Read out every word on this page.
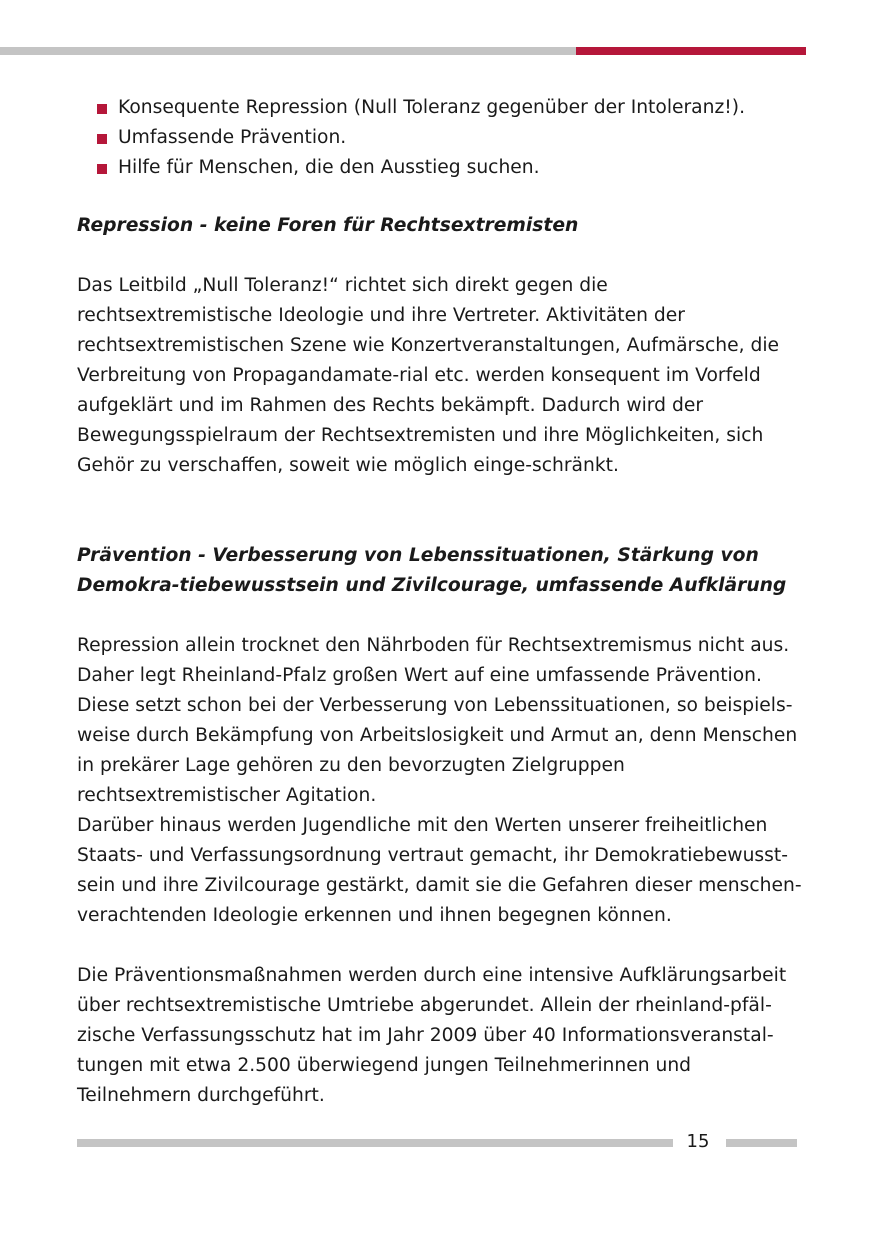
Konsequente Repression (Null Toleranz gegenüber der Intoleranz!).
Umfassende Prävention.
Hilfe für Menschen, die den Ausstieg suchen.
Repression - keine Foren für Rechtsextremisten

Das Leitbild „Null Toleranz!“ richtet sich direkt gegen die rechtsextremistische Ideologie und ihre Vertreter. Aktivitäten der rechtsextremistischen Szene wie Konzertveranstaltungen, Aufmärsche, die Verbreitung von Propagandamate-rial etc. werden konsequent im Vorfeld aufgeklärt und im Rahmen des Rechts bekämpft. Dadurch wird der Bewegungsspielraum der Rechtsextremisten und ihre Möglichkeiten, sich Gehör zu verschaffen, soweit wie möglich einge-schränkt.

Prävention - Verbesserung von Lebenssituationen, Stärkung von Demokra-tiebewusstsein und Zivilcourage, umfassende Aufklärung

Repression allein trocknet den Nährboden für Rechtsextremismus nicht aus. Daher legt Rheinland-Pfalz großen Wert auf eine umfassende Prävention. Diese setzt schon bei der Verbesserung von Lebenssituationen, so beispiels-weise durch Bekämpfung von Arbeitslosigkeit und Armut an, denn Menschen in prekärer Lage gehören zu den bevorzugten Zielgruppen rechtsextremistischer Agitation.

Darüber hinaus werden Jugendliche mit den Werten unserer freiheitlichen Staats- und Verfassungsordnung vertraut gemacht, ihr Demokratiebewusst-sein und ihre Zivilcourage gestärkt, damit sie die Gefahren dieser menschen-verachtenden Ideologie erkennen und ihnen begegnen können.

Die Präventionsmaßnahmen werden durch eine intensive Aufklärungsarbeit über rechtsextremistische Umtriebe abgerundet. Allein der rheinland-pfäl-zische Verfassungsschutz hat im Jahr 2009 über 40 Informationsveranstal-tungen mit etwa 2.500 überwiegend jungen Teilnehmerinnen und Teilnehmern durchgeführt.

15
